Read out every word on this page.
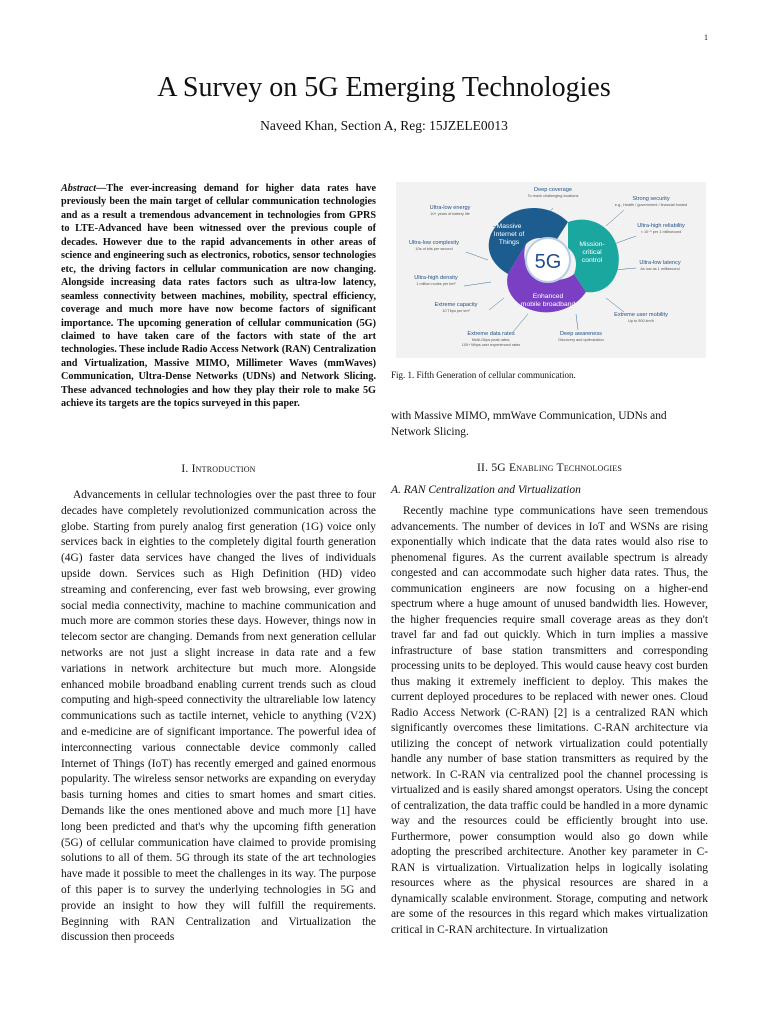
1
A Survey on 5G Emerging Technologies
Naveed Khan, Section A, Reg: 15JZELE0013
Abstract—The ever-increasing demand for higher data rates have previously been the main target of cellular communication technologies and as a result a tremendous advancement in technologies from GPRS to LTE-Advanced have been witnessed over the previous couple of decades. However due to the rapid advancements in other areas of science and engineering such as electronics, robotics, sensor technologies etc, the driving factors in cellular communication are now changing. Alongside increasing data rates factors such as ultra-low latency, seamless connectivity between machines, mobility, spectral efficiency, coverage and much more have now become factors of significant importance. The upcoming generation of cellular communication (5G) claimed to have taken care of the factors with state of the art technologies. These include Radio Access Network (RAN) Centralization and Virtualization, Massive MIMO, Millimeter Waves (mmWaves) Communication, Ultra-Dense Networks (UDNs) and Network Slicing. These advanced technologies and how they play their role to make 5G achieve its targets are the topics surveyed in this paper.
5G
Massive
Internet of
Things	Mission-
critical
control
Enhanced
mobile broadband
Deep coverage
To reach challenging locations	Strong security
e.g., Health / government / financial trusted
Ultra-low energy
10+ years of battery life
Ultra-high reliability
< 10⁻⁶ per 1 millisecond
Ultra-low complexity
10s of bits per second
Ultra-low latency
As low as 1 millisecond
Ultra-high density
1 million nodes per km²
Extreme capacity
10 Tbps per km²
Extreme user mobility
Up to 500 km/h
Extreme data rates
Multi-Gbps peak rates;
100+ Mbps user experienced rates
Deep awareness
Discovery and optimization
Fig. 1. Fifth Generation of cellular communication.
with Massive MIMO, mmWave Communication, UDNs and Network Slicing.
I. Introduction

Advancements in cellular technologies over the past three to four decades have completely revolutionized communication across the globe. Starting from purely analog first generation (1G) voice only services back in eighties to the completely digital fourth generation (4G) faster data services have changed the lives of individuals upside down. Services such as High Definition (HD) video streaming and conferencing, ever fast web browsing, ever growing social media connectivity, machine to machine communication and much more are common stories these days. However, things now in telecom sector are changing. Demands from next generation cellular networks are not just a slight increase in data rate and a few variations in network architecture but much more. Alongside enhanced mobile broadband enabling current trends such as cloud computing and high-speed connectivity the ultrareliable low latency communications such as tactile internet, vehicle to anything (V2X) and e-medicine are of significant importance. The powerful idea of interconnecting various connectable device commonly called Internet of Things (IoT) has recently emerged and gained enormous popularity. The wireless sensor networks are expanding on everyday basis turning homes and cities to smart homes and smart cities. Demands like the ones mentioned above and much more [1] have long been predicted and that's why the upcoming fifth generation (5G) of cellular communication have claimed to provide promising solutions to all of them. 5G through its state of the art technologies have made it possible to meet the challenges in its way. The purpose of this paper is to survey the underlying technologies in 5G and provide an insight to how they will fulfill the requirements. Beginning with RAN Centralization and Virtualization the discussion then proceeds

II. 5G Enabling Technologies
A. RAN Centralization and Virtualization

Recently machine type communications have seen tremendous advancements. The number of devices in IoT and WSNs are rising exponentially which indicate that the data rates would also rise to phenomenal figures. As the current available spectrum is already congested and can accommodate such higher data rates. Thus, the communication engineers are now focusing on a higher-end spectrum where a huge amount of unused bandwidth lies. However, the higher frequencies require small coverage areas as they don't travel far and fad out quickly. Which in turn implies a massive infrastructure of base station transmitters and corresponding processing units to be deployed. This would cause heavy cost burden thus making it extremely inefficient to deploy. This makes the current deployed procedures to be replaced with newer ones. Cloud Radio Access Network (C-RAN) [2] is a centralized RAN which significantly overcomes these limitations. C-RAN architecture via utilizing the concept of network virtualization could potentially handle any number of base station transmitters as required by the network. In C-RAN via centralized pool the channel processing is virtualized and is easily shared amongst operators. Using the concept of centralization, the data traffic could be handled in a more dynamic way and the resources could be efficiently brought into use. Furthermore, power consumption would also go down while adopting the prescribed architecture. Another key parameter in C-RAN is virtualization. Virtualization helps in logically isolating resources where as the physical resources are shared in a dynamically scalable environment. Storage, computing and network are some of the resources in this regard which makes virtualization critical in C-RAN architecture. In virtualization
